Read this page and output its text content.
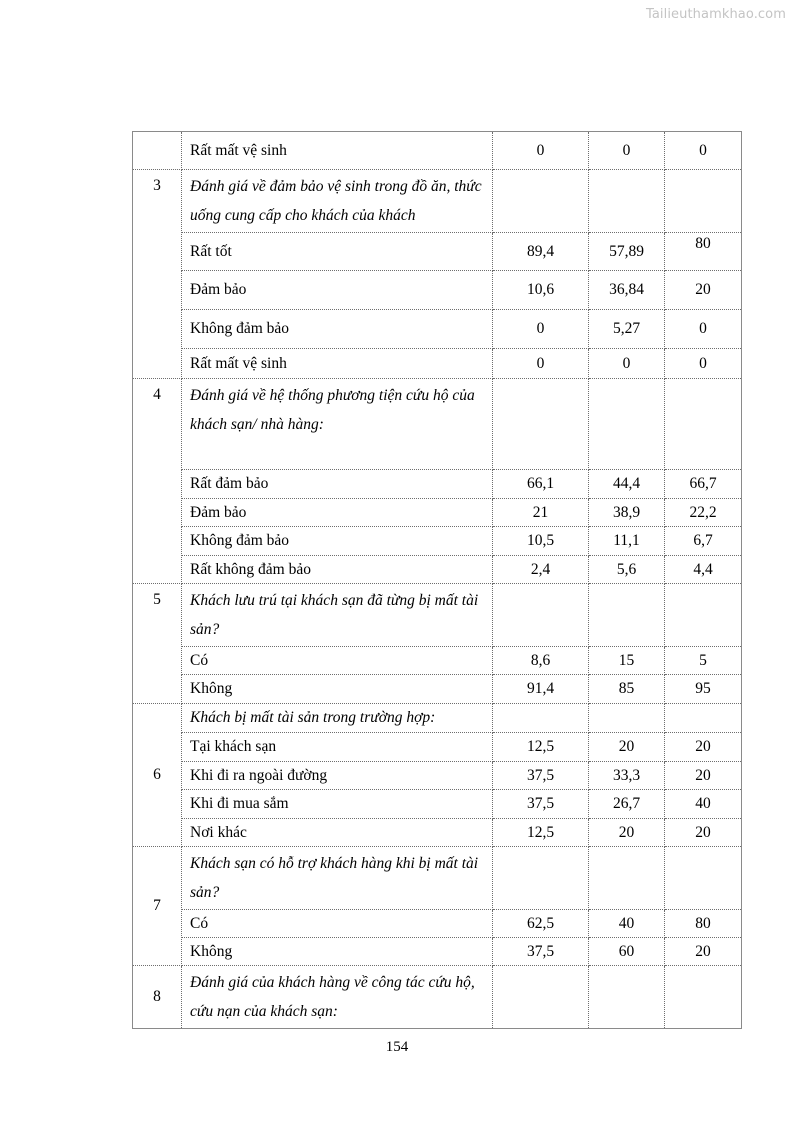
Tailieuthamkhao.com
	Rất mất vệ sinh	0	0	0
3	Đánh giá về đảm bảo vệ sinh trong đồ ăn, thức uống cung cấp cho khách của khách			
	Rất tốt	89,4	57,89	80
	Đảm bảo	10,6	36,84	20
	Không đảm bảo	0	5,27	0
	Rất mất vệ sinh	0	0	0
4	Đánh giá về hệ thống phương tiện cứu hộ của khách sạn/ nhà hàng:			
	Rất đảm bảo	66,1	44,4	66,7
	Đảm bảo	21	38,9	22,2
	Không đảm bảo	10,5	11,1	6,7
	Rất không đảm bảo	2,4	5,6	4,4
5	Khách lưu trú tại khách sạn đã từng bị mất tài sản?			
	Có	8,6	15	5
	Không	91,4	85	95
6	Khách bị mất tài sản trong trường hợp:			
	Tại khách sạn	12,5	20	20
	Khi đi ra ngoài đường	37,5	33,3	20
	Khi đi mua sắm	37,5	26,7	40
	Nơi khác	12,5	20	20
7	Khách sạn có hỗ trợ khách hàng khi bị mất tài sản?			
	Có	62,5	40	80
	Không	37,5	60	20
8	Đánh giá của khách hàng về công tác cứu hộ, cứu nạn của khách sạn:			
154
